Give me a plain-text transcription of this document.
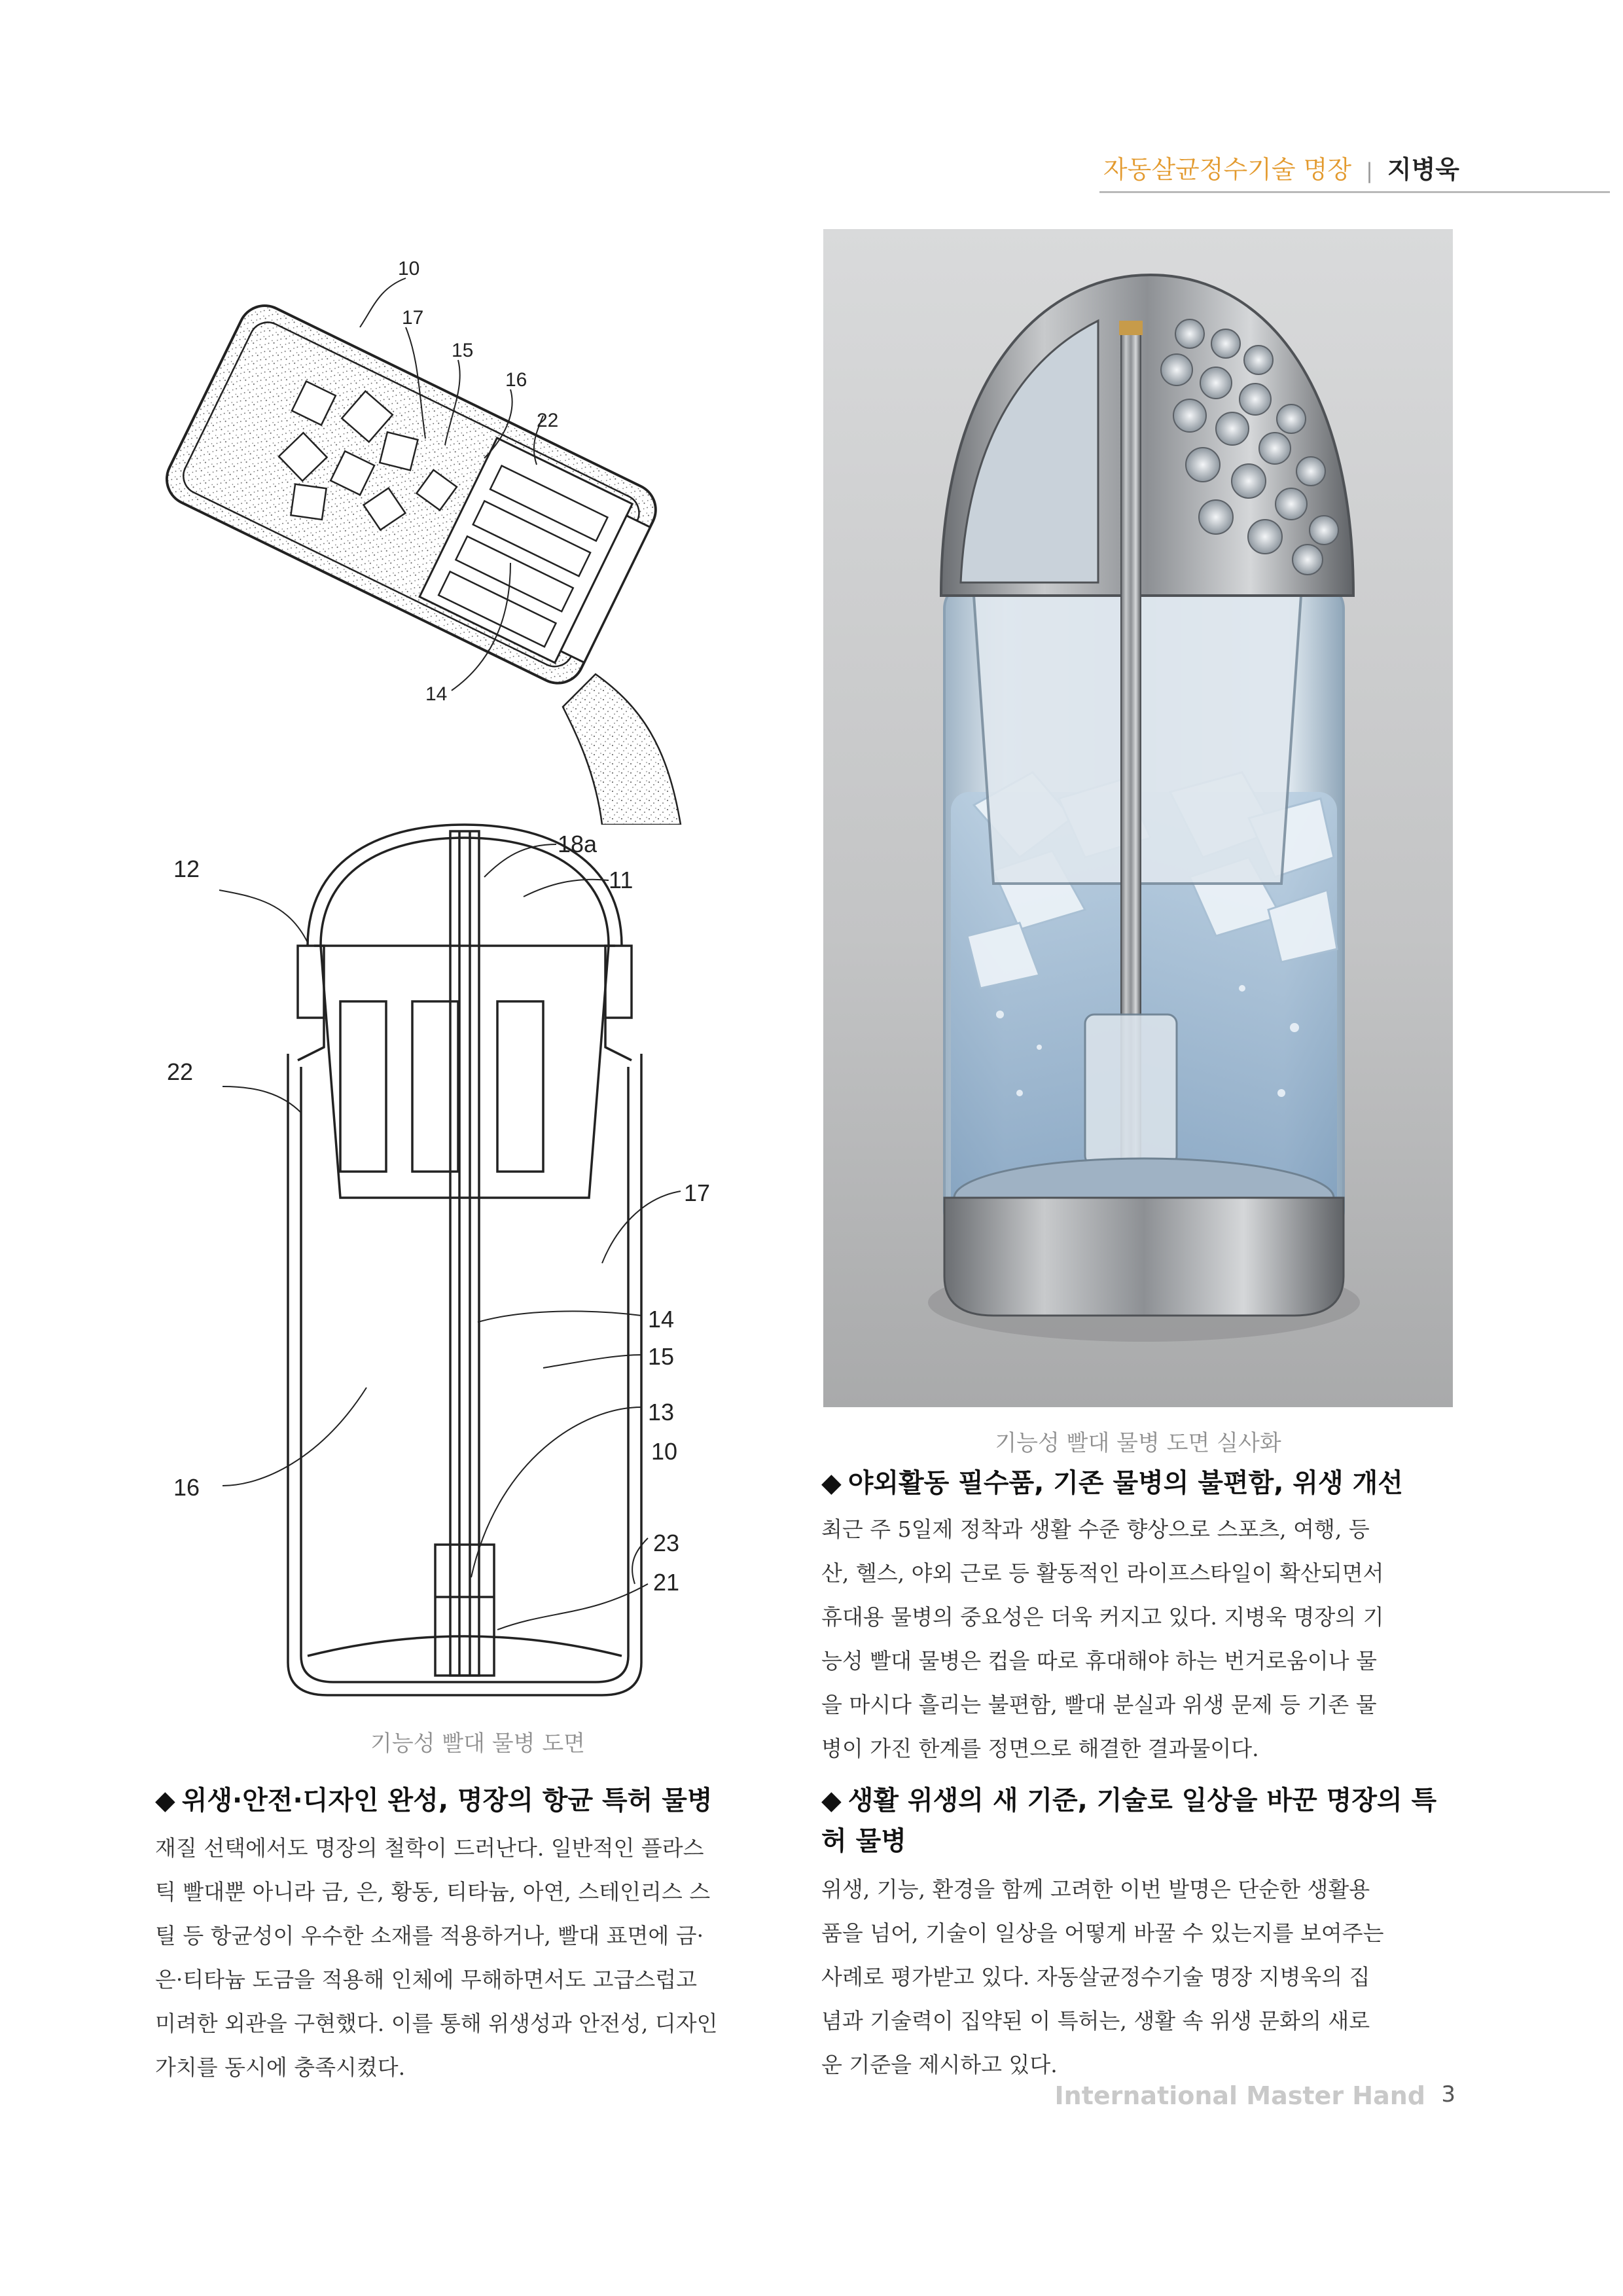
자동살균정수기술 명장 | 지병욱
10
17
15
16
22
14
12
18a
11
22
17
14
15
16
13
10
23
21
기능성 빨대 물병 도면
기능성 빨대 물병 도면 실사화
◆ 야외활동 필수품, 기존 물병의 불편함, 위생 개선
최근 주 5일제 정착과 생활 수준 향상으로 스포츠, 여행, 등
산, 헬스, 야외 근로 등 활동적인 라이프스타일이 확산되면서
휴대용 물병의 중요성은 더욱 커지고 있다. 지병욱 명장의 기
능성 빨대 물병은 컵을 따로 휴대해야 하는 번거로움이나 물
을 마시다 흘리는 불편함, 빨대 분실과 위생 문제 등 기존 물
병이 가진 한계를 정면으로 해결한 결과물이다.
◆ 위생·안전·디자인 완성, 명장의 항균 특허 물병
재질 선택에서도 명장의 철학이 드러난다. 일반적인 플라스
틱 빨대뿐 아니라 금, 은, 황동, 티타늄, 아연, 스테인리스 스
틸 등 항균성이 우수한 소재를 적용하거나, 빨대 표면에 금·
은·티타늄 도금을 적용해 인체에 무해하면서도 고급스럽고
미려한 외관을 구현했다. 이를 통해 위생성과 안전성, 디자인
가치를 동시에 충족시켰다.
◆ 생활 위생의 새 기준, 기술로 일상을 바꾼 명장의 특
허 물병
위생, 기능, 환경을 함께 고려한 이번 발명은 단순한 생활용
품을 넘어, 기술이 일상을 어떻게 바꿀 수 있는지를 보여주는
사례로 평가받고 있다. 자동살균정수기술 명장 지병욱의 집
념과 기술력이 집약된 이 특허는, 생활 속 위생 문화의 새로
운 기준을 제시하고 있다.
International Master Hand 3
